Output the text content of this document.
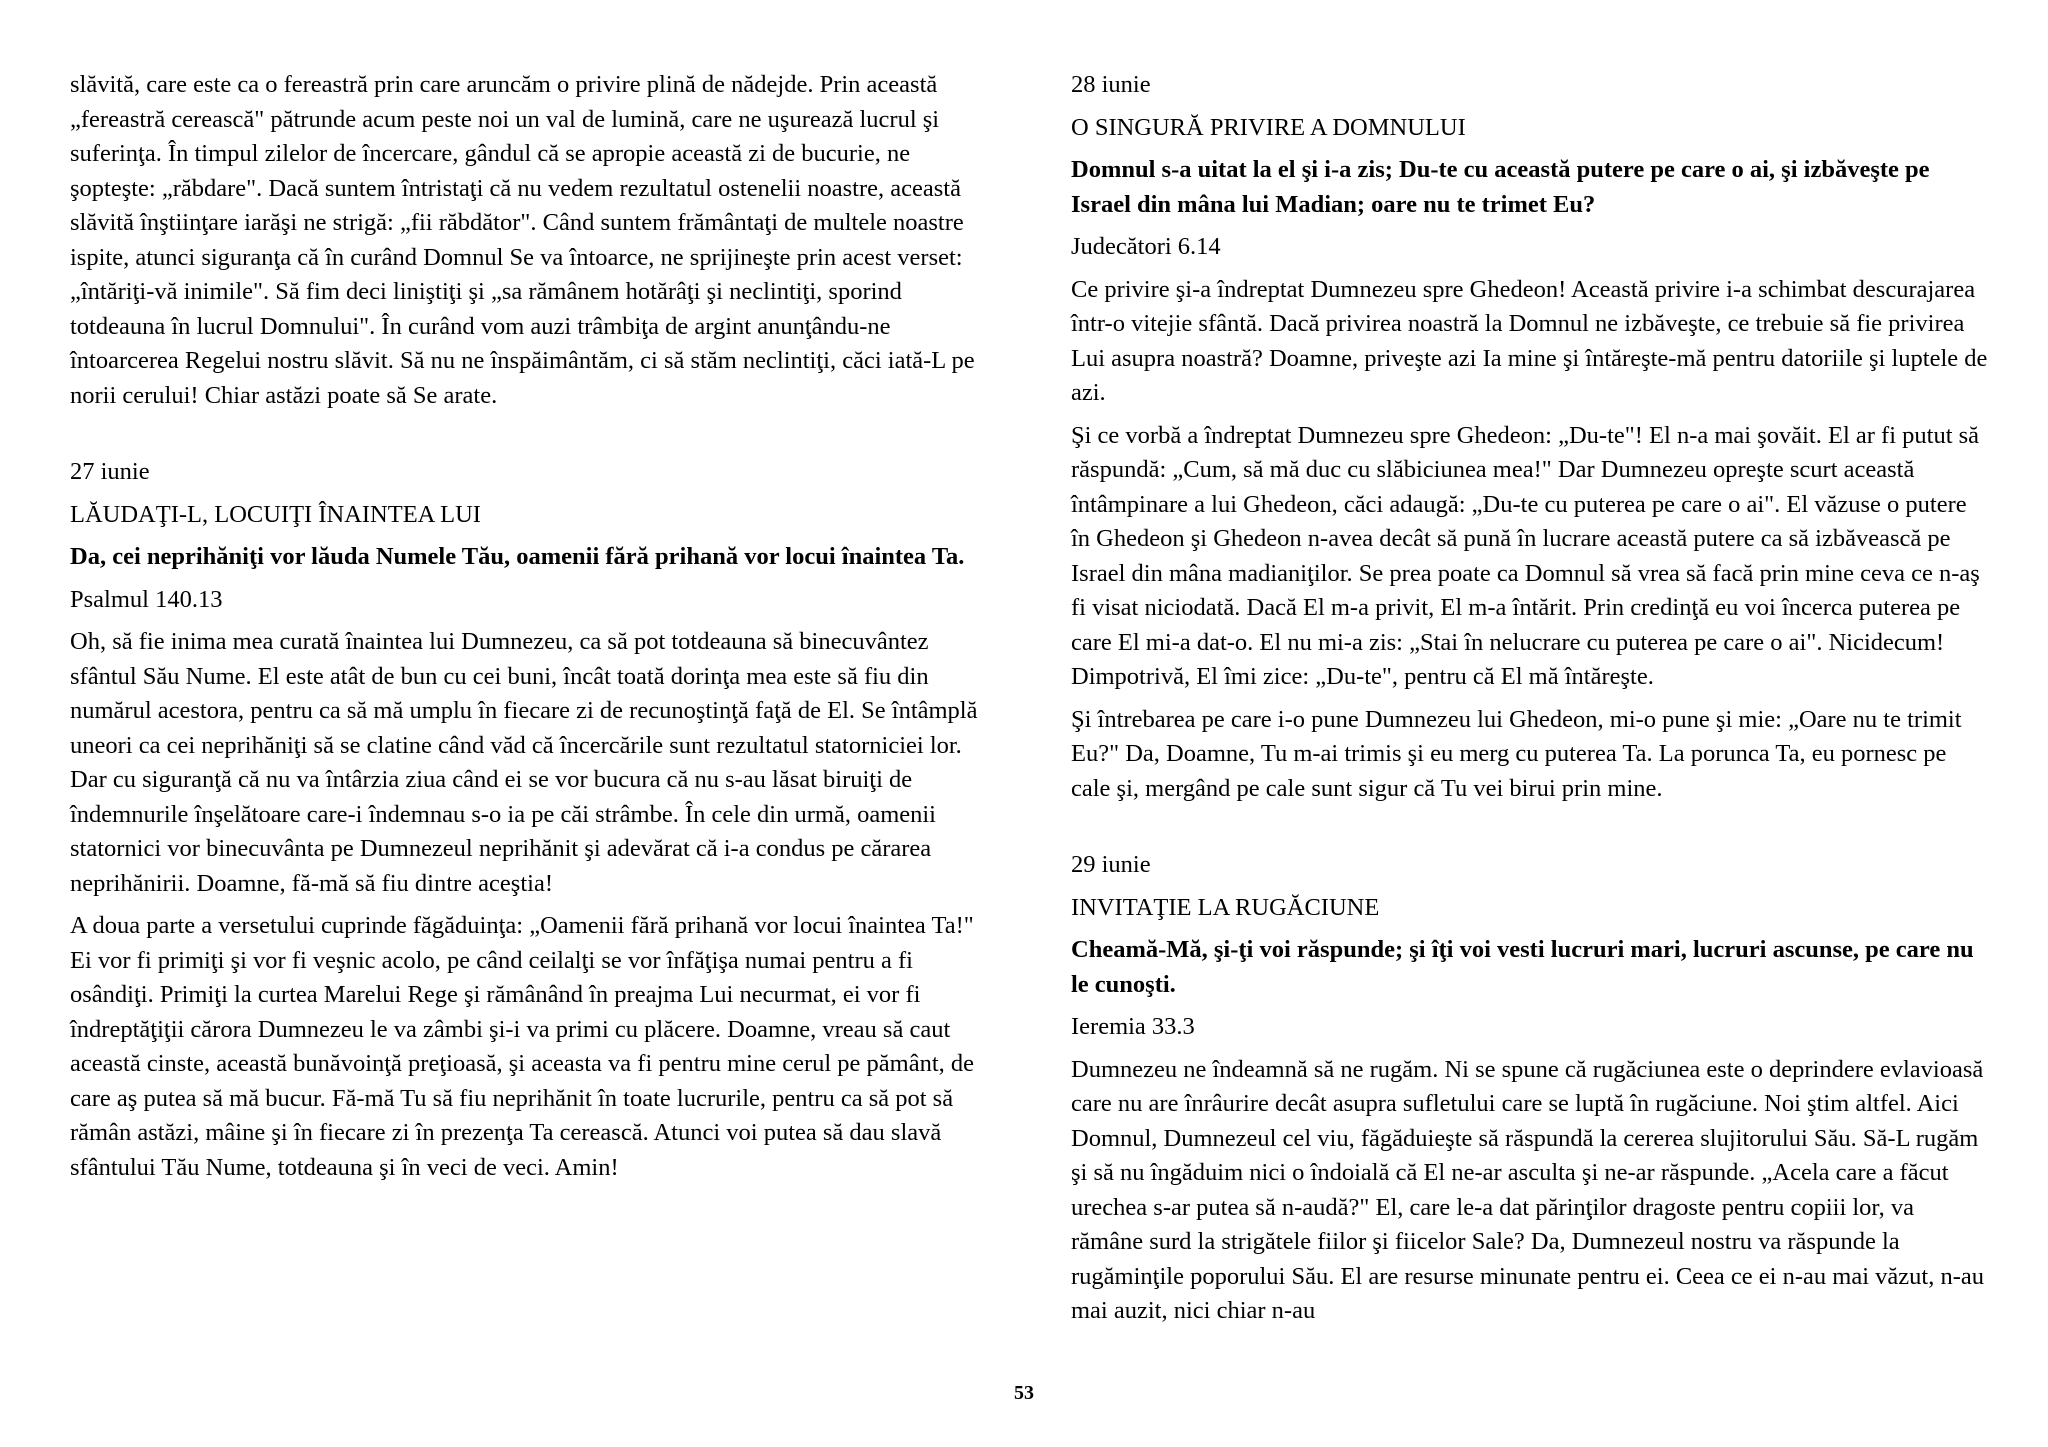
slăvită, care este ca o fereastră prin care aruncăm o privire plină de nădejde. Prin această „fereastră cerească" pătrunde acum peste noi un val de lumină, care ne uşurează lucrul şi suferinţa. În timpul zilelor de încercare, gândul că se apropie această zi de bucurie, ne şopteşte: „răbdare". Dacă suntem întristaţi că nu vedem rezultatul ostenelii noastre, această slăvită înştiinţare iarăşi ne strigă: „fii răbdător". Când suntem frământaţi de multele noastre ispite, atunci siguranţa că în curând Domnul Se va întoarce, ne sprijineşte prin acest verset: „întăriţi-vă inimile". Să fim deci liniştiţi şi „sa rămânem hotărâţi şi neclintiţi, sporind totdeauna în lucrul Domnului". În curând vom auzi trâmbiţa de argint anunţându-ne întoarcerea Regelui nostru slăvit. Să nu ne înspăimântăm, ci să stăm neclintiţi, căci iată-L pe norii cerului! Chiar astăzi poate să Se arate.

27 iunie

LĂUDAŢI-L, LOCUIŢI ÎNAINTEA LUI

Da, cei neprihăniţi vor lăuda Numele Tău, oamenii fără prihană vor locui înaintea Ta.

Psalmul 140.13

Oh, să fie inima mea curată înaintea lui Dumnezeu, ca să pot totdeauna să binecuvântez sfântul Său Nume. El este atât de bun cu cei buni, încât toată dorinţa mea este să fiu din numărul acestora, pentru ca să mă umplu în fiecare zi de recunoştinţă faţă de El. Se întâmplă uneori ca cei neprihăniţi să se clatine când văd că încercările sunt rezultatul statorniciei lor. Dar cu siguranţă că nu va întârzia ziua când ei se vor bucura că nu s-au lăsat biruiţi de îndemnurile înşelătoare care-i îndemnau s-o ia pe căi strâmbe. În cele din urmă, oamenii statornici vor binecuvânta pe Dumnezeul neprihănit şi adevărat că i-a condus pe cărarea neprihănirii. Doamne, fă-mă să fiu dintre aceştia!

A doua parte a versetului cuprinde făgăduinţa: „Oamenii fără prihană vor locui înaintea Ta!" Ei vor fi primiţi şi vor fi veşnic acolo, pe când ceilalţi se vor înfăţişa numai pentru a fi osândiţi. Primiţi la curtea Marelui Rege şi rămânând în preajma Lui necurmat, ei vor fi îndreptăţiţii cărora Dumnezeu le va zâmbi şi-i va primi cu plăcere. Doamne, vreau să caut această cinste, această bunăvoinţă preţioasă, şi aceasta va fi pentru mine cerul pe pământ, de care aş putea să mă bucur. Fă-mă Tu să fiu neprihănit în toate lucrurile, pentru ca să pot să rămân astăzi, mâine şi în fiecare zi în prezenţa Ta cerească. Atunci voi putea să dau slavă sfântului Tău Nume, totdeauna şi în veci de veci. Amin!

28 iunie

O SINGURĂ PRIVIRE A DOMNULUI

Domnul s-a uitat la el şi i-a zis; Du-te cu această putere pe care o ai, şi izbăveşte pe Israel din mâna lui Madian; oare nu te trimet Eu?

Judecători 6.14

Ce privire şi-a îndreptat Dumnezeu spre Ghedeon! Această privire i-a schimbat descurajarea într-o vitejie sfântă. Dacă privirea noastră la Domnul ne izbăveşte, ce trebuie să fie privirea Lui asupra noastră? Doamne, priveşte azi Ia mine şi întăreşte-mă pentru datoriile şi luptele de azi.

Şi ce vorbă a îndreptat Dumnezeu spre Ghedeon: „Du-te"! El n-a mai şovăit. El ar fi putut să răspundă: „Cum, să mă duc cu slăbiciunea mea!" Dar Dumnezeu opreşte scurt această întâmpinare a lui Ghedeon, căci adaugă: „Du-te cu puterea pe care o ai". El văzuse o putere în Ghedeon şi Ghedeon n-avea decât să pună în lucrare această putere ca să izbăvească pe Israel din mâna madianiţilor. Se prea poate ca Domnul să vrea să facă prin mine ceva ce n-aş fi visat niciodată. Dacă El m-a privit, El m-a întărit. Prin credinţă eu voi încerca puterea pe care El mi-a dat-o. El nu mi-a zis: „Stai în nelucrare cu puterea pe care o ai". Nicidecum! Dimpotrivă, El îmi zice: „Du-te", pentru că El mă întăreşte.

Şi întrebarea pe care i-o pune Dumnezeu lui Ghedeon, mi-o pune şi mie: „Oare nu te trimit Eu?" Da, Doamne, Tu m-ai trimis şi eu merg cu puterea Ta. La porunca Ta, eu pornesc pe cale şi, mergând pe cale sunt sigur că Tu vei birui prin mine.

29 iunie

INVITAŢIE LA RUGĂCIUNE

Cheamă-Mă, şi-ţi voi răspunde; şi îţi voi vesti lucruri mari, lucruri ascunse, pe care nu le cunoşti.

Ieremia 33.3

Dumnezeu ne îndeamnă să ne rugăm. Ni se spune că rugăciunea este o deprindere evlavioasă care nu are înrâurire decât asupra sufletului care se luptă în rugăciune. Noi ştim altfel. Aici Domnul, Dumnezeul cel viu, făgăduieşte să răspundă la cererea slujitorului Său. Să-L rugăm şi să nu îngăduim nici o îndoială că El ne-ar asculta şi ne-ar răspunde. „Acela care a făcut urechea s-ar putea să n-audă?" El, care le-a dat părinţilor dragoste pentru copiii lor, va rămâne surd la strigătele fiilor şi fiicelor Sale? Da, Dumnezeul nostru va răspunde la rugăminţile poporului Său. El are resurse minunate pentru ei. Ceea ce ei n-au mai văzut, n-au mai auzit, nici chiar n-au

53
